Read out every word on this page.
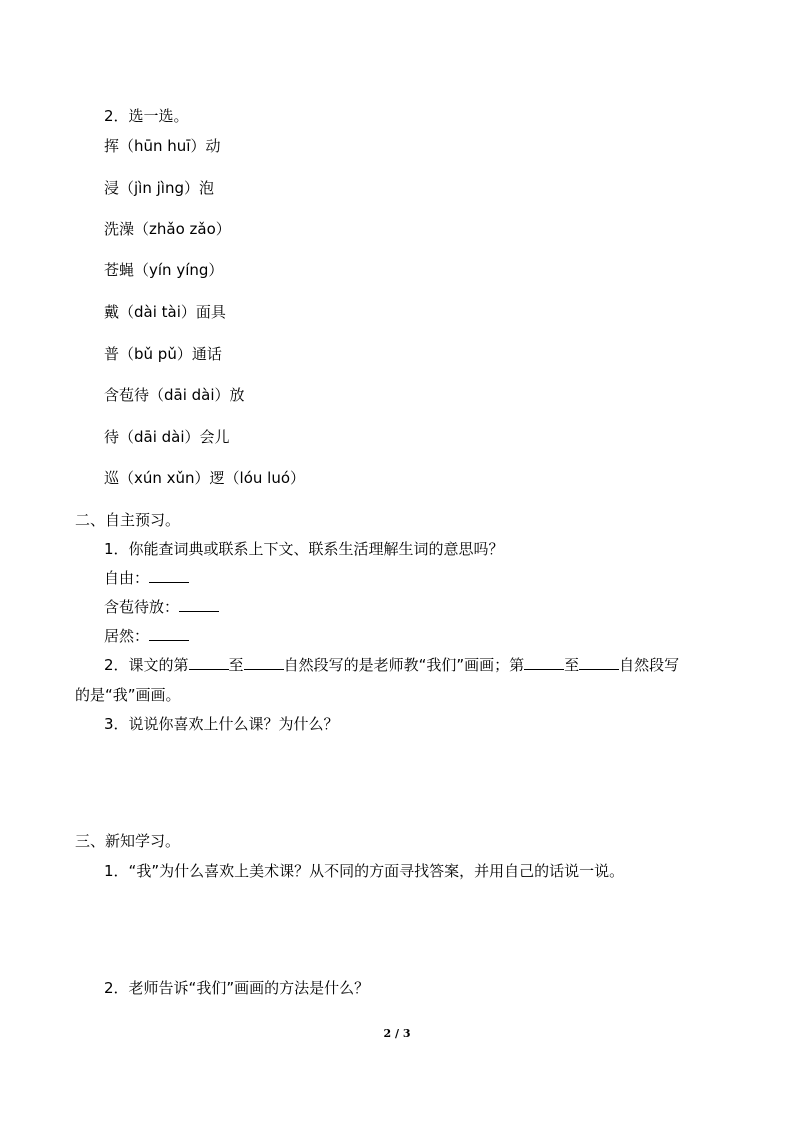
2．选一选。
挥（hūn huī）动
浸（jìn jìng）泡
洗澡（zhǎo zǎo）
苍蝇（yín yíng）
戴（dài tài）面具
普（bǔ pǔ）通话
含苞待（dāi dài）放
待（dāi dài）会儿
巡（xún xǔn）逻（lóu luó）
二、自主预习。
1．你能查词典或联系上下文、联系生活理解生词的意思吗？
自由：
含苞待放：
居然：
2．课文的第	至	自然段写的是老师教“我们”画画；第	至	自然段写
的是“我”画画。
3．说说你喜欢上什么课？为什么？
三、新知学习。
1．“我”为什么喜欢上美术课？从不同的方面寻找答案，并用自己的话说一说。
2．老师告诉“我们”画画的方法是什么？
2 / 3
